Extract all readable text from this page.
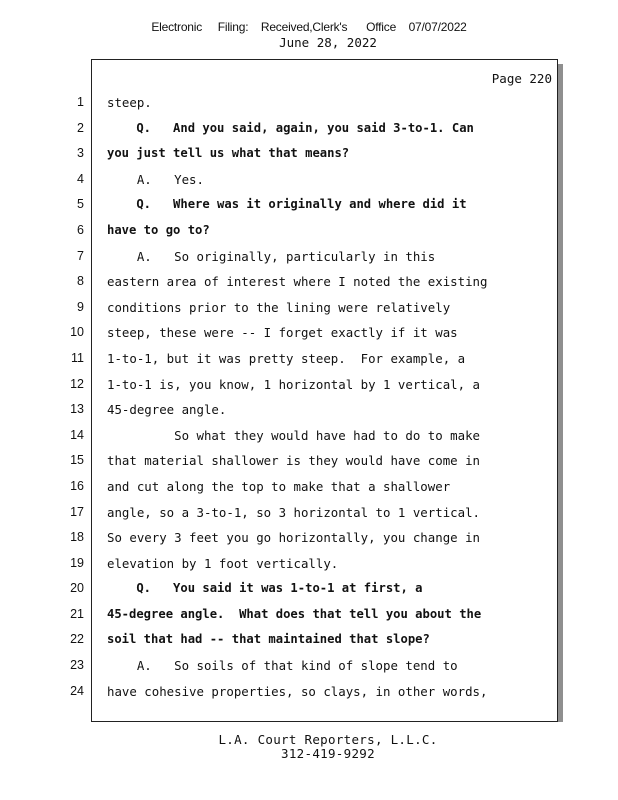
Electronic     Filing:    Received,Clerk's      Office    07/07/2022
June 28, 2022
Page 220
1
2
3
4
5
6
7
8
9
10
11
12
13
14
15
16
17
18
19
20
21
22
23
24
steep.
Q.   And you said, again, you said 3-to-1. Can
you just tell us what that means?
A.   Yes.
Q.   Where was it originally and where did it
have to go to?
A.   So originally, particularly in this
eastern area of interest where I noted the existing
conditions prior to the lining were relatively
steep, these were -- I forget exactly if it was
1-to-1, but it was pretty steep.  For example, a
1-to-1 is, you know, 1 horizontal by 1 vertical, a
45-degree angle.
So what they would have had to do to make
that material shallower is they would have come in
and cut along the top to make that a shallower
angle, so a 3-to-1, so 3 horizontal to 1 vertical.
So every 3 feet you go horizontally, you change in
elevation by 1 foot vertically.
Q.   You said it was 1-to-1 at first, a
45-degree angle.  What does that tell you about the
soil that had -- that maintained that slope?
A.   So soils of that kind of slope tend to
have cohesive properties, so clays, in other words,
L.A. Court Reporters, L.L.C.
312-419-9292
